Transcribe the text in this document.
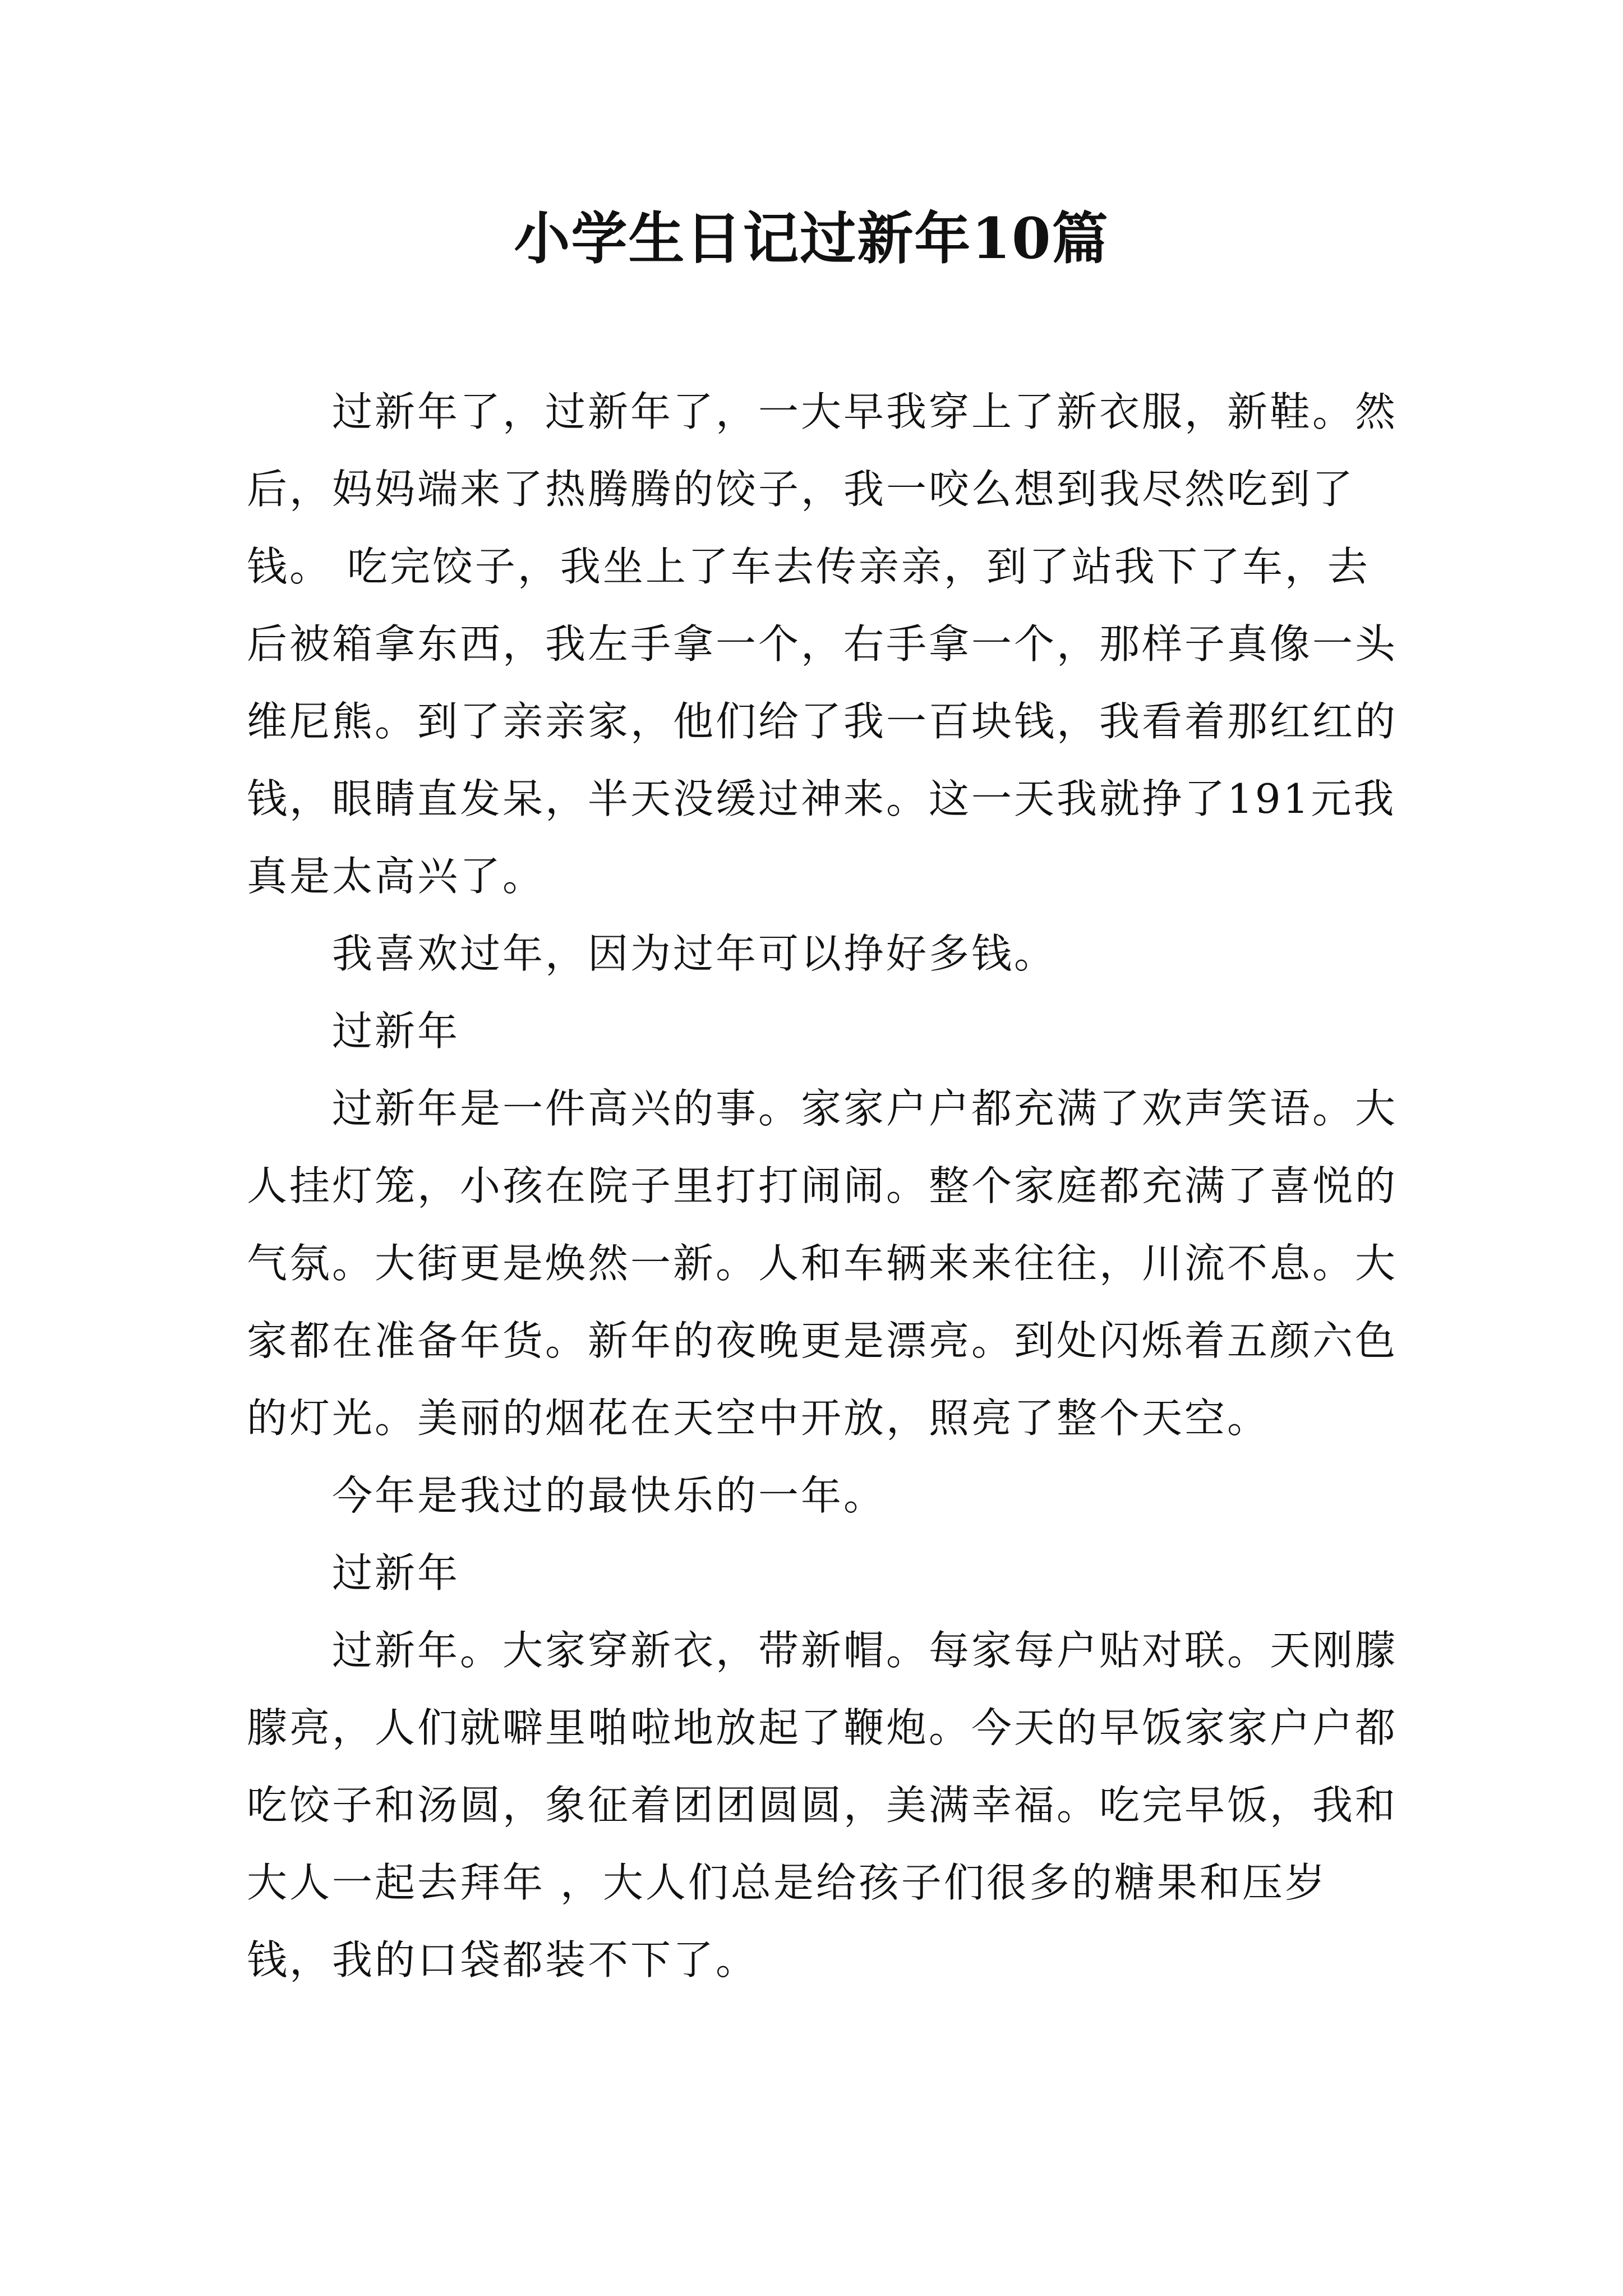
小学生日记过新年10篇

过新年了，过新年了，一大早我穿上了新衣服，新鞋。然后，妈妈端来了热腾腾的饺子，我一咬么想到我尽然吃到了钱。 吃完饺子，我坐上了车去传亲亲，到了站我下了车，去后被箱拿东西，我左手拿一个，右手拿一个，那样子真像一头维尼熊。到了亲亲家，他们给了我一百块钱，我看着那红红的钱，眼睛直发呆，半天没缓过神来。这一天我就挣了191元我真是太高兴了。

我喜欢过年，因为过年可以挣好多钱。

过新年

过新年是一件高兴的事。家家户户都充满了欢声笑语。大人挂灯笼，小孩在院子里打打闹闹。整个家庭都充满了喜悦的气氛。大街更是焕然一新。人和车辆来来往往，川流不息。大家都在准备年货。新年的夜晚更是漂亮。到处闪烁着五颜六色的灯光。美丽的烟花在天空中开放，照亮了整个天空。

今年是我过的最快乐的一年。

过新年

过新年。大家穿新衣，带新帽。每家每户贴对联。天刚朦朦亮，人们就噼里啪啦地放起了鞭炮。今天的早饭家家户户都吃饺子和汤圆，象征着团团圆圆，美满幸福。吃完早饭，我和大人一起去拜年 ，大人们总是给孩子们很多的糖果和压岁钱，我的口袋都装不下了。
